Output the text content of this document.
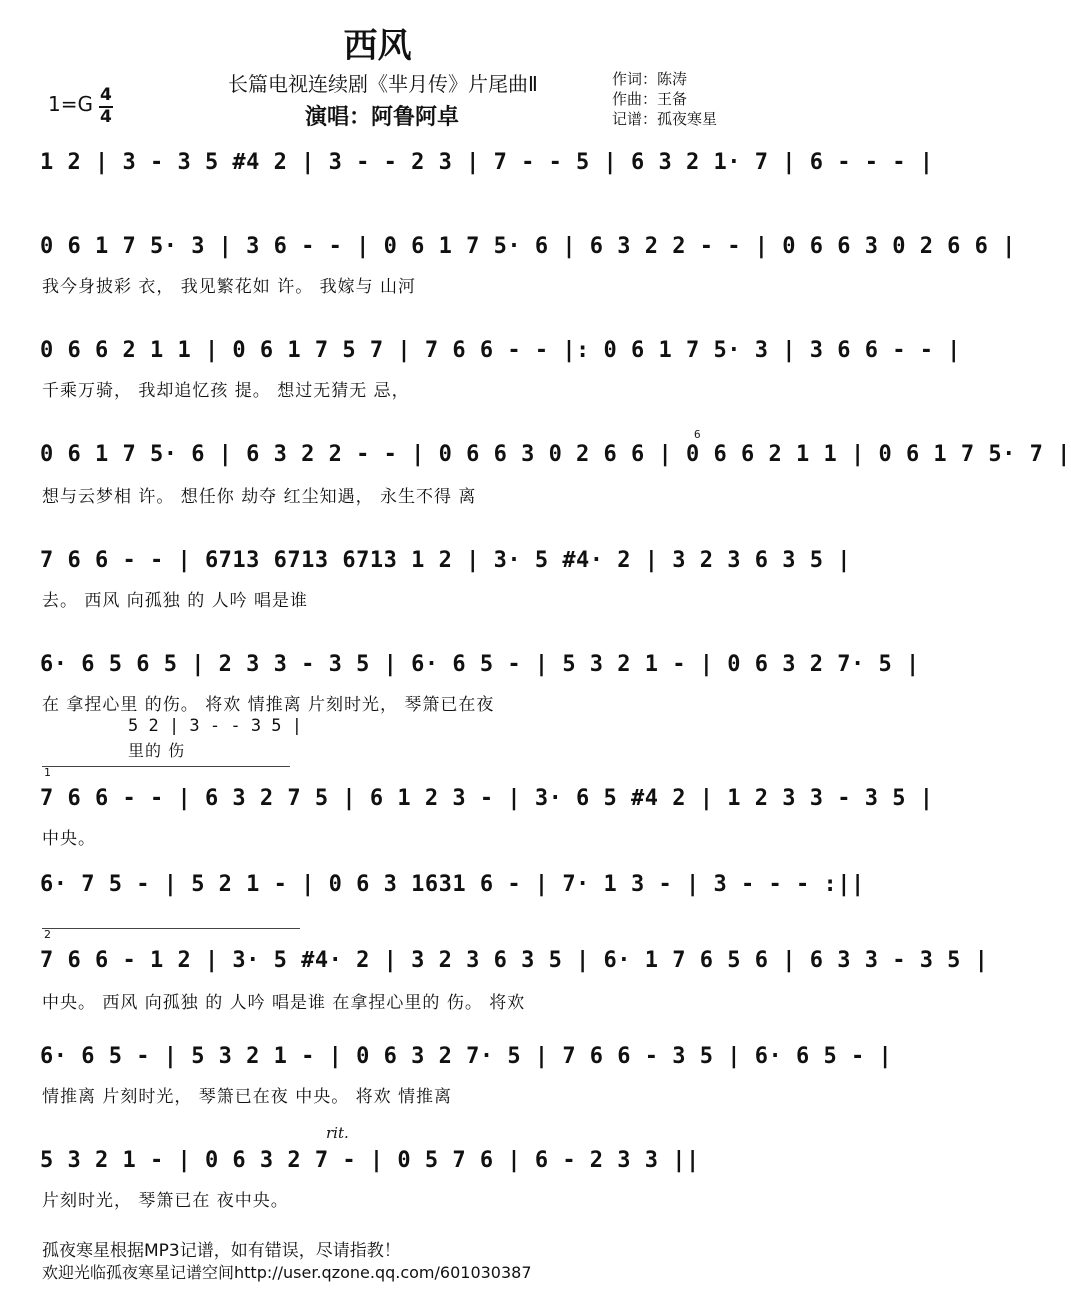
西风
长篇电视连续剧《芈月传》片尾曲Ⅱ
演唱：阿鲁阿卓
作词：陈涛
作曲：王备
记谱：孤夜寒星
1=G 4
4
1 2 | 3 - 3 5 #4 2 | 3 - - 2 3 | 7 - - 5 | 6 3 2 1· 7 | 6 - - - |
0 6 1 7 5· 3 | 3 6 - - | 0 6 1 7 5· 6 | 6 3 2 2 - - | 0 6 6 3 0 2 6 6 |
我今身披彩 衣， 我见繁花如 许。 我嫁与 山河
0 6 6 2 1 1 | 0 6 1 7 5 7 | 7 6 6 - - |: 0 6 1 7 5· 3 | 3 6 6 - - |
千乘万骑， 我却追忆孩 提。 想过无猜无 忌，
0 6 1 7 5· 6 | 6 3 2 2 - - | 0 6 6 3 0 2 6 6 | 0 6 6 2 1 1 | 0 6 1 7 5· 7 |
6
想与云梦相 许。 想任你 劫夺 红尘知遇， 永生不得 离
7 6 6 - - | 6713 6713 6713 1 2 | 3· 5 #4· 2 | 3 2 3 6 3 5 |
去。 西风 向孤独 的 人吟 唱是谁
6· 6 5 6 5 | 2 3 3 - 3 5 | 6· 6 5 - | 5 3 2 1 - | 0 6 3 2 7· 5 |
在 拿捏心里 的伤。 将欢 情推离 片刻时光， 琴箫已在夜
5 2 | 3 - - 3 5 |
里的 伤
1
7 6 6 - - | 6 3 2 7 5 | 6 1 2 3 - | 3· 6 5 #4 2 | 1 2 3 3 - 3 5 |
中央。
6· 7 5 - | 5 2 1 - | 0 6 3 1631 6 - | 7· 1 3 - | 3 - - - :||
2
7 6 6 - 1 2 | 3· 5 #4· 2 | 3 2 3 6 3 5 | 6· 1 7 6 5 6 | 6 3 3 - 3 5 |
中央。 西风 向孤独 的 人吟 唱是谁 在拿捏心里的 伤。 将欢
6· 6 5 - | 5 3 2 1 - | 0 6 3 2 7· 5 | 7 6 6 - 3 5 | 6· 6 5 - |
情推离 片刻时光， 琴箫已在夜 中央。 将欢 情推离
rit.
5 3 2 1 - | 0 6 3 2 7 - | 0 5 7 6 | 6 - 2 3 3 ||
片刻时光， 琴箫已在 夜中央。
孤夜寒星根据MP3记谱，如有错误，尽请指教！
欢迎光临孤夜寒星记谱空间http://user.qzone.qq.com/601030387
